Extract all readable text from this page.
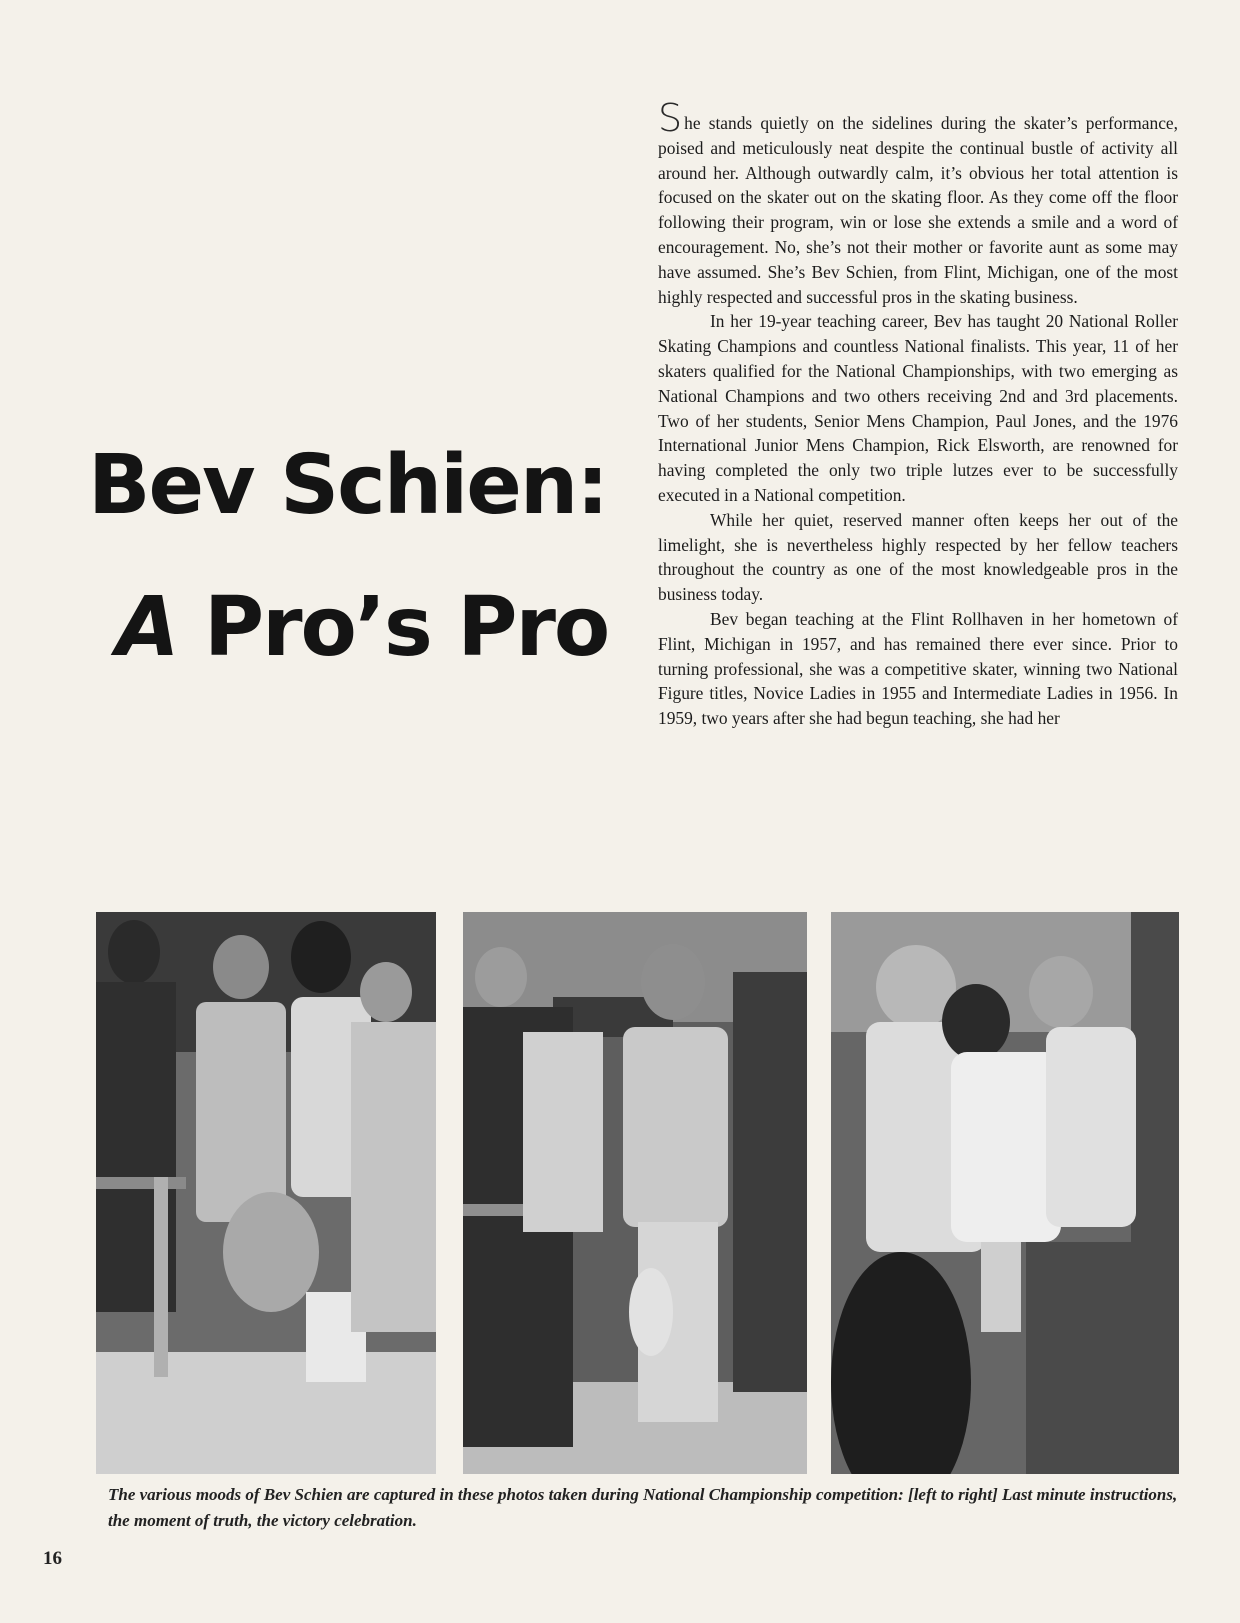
Bev Schien:
A Pro’s Pro

She stands quietly on the sidelines during the skater’s performance, poised and meticulously neat despite the continual bustle of activity all around her. Although outwardly calm, it’s obvious her total attention is focused on the skater out on the skating floor. As they come off the floor following their program, win or lose she extends a smile and a word of encouragement. No, she’s not their mother or favorite aunt as some may have assumed. She’s Bev Schien, from Flint, Michigan, one of the most highly respected and successful pros in the skating business.

In her 19-year teaching career, Bev has taught 20 National Roller Skating Champions and countless National finalists. This year, 11 of her skaters qualified for the National Championships, with two emerging as National Champions and two others receiving 2nd and 3rd placements. Two of her students, Senior Mens Champion, Paul Jones, and the 1976 International Junior Mens Champion, Rick Elsworth, are renowned for having completed the only two triple lutzes ever to be successfully executed in a National competition.

While her quiet, reserved manner often keeps her out of the limelight, she is nevertheless highly respected by her fellow teachers throughout the country as one of the most knowledgeable pros in the business today.

Bev began teaching at the Flint Rollhaven in her hometown of Flint, Michigan in 1957, and has remained there ever since. Prior to turning professional, she was a competitive skater, winning two National Figure titles, Novice Ladies in 1955 and Intermediate Ladies in 1956. In 1959, two years after she had begun teaching, she had her

The various moods of Bev Schien are captured in these photos taken during National Championship competition: [left to right] Last minute instructions, the moment of truth, the victory celebration.
16
